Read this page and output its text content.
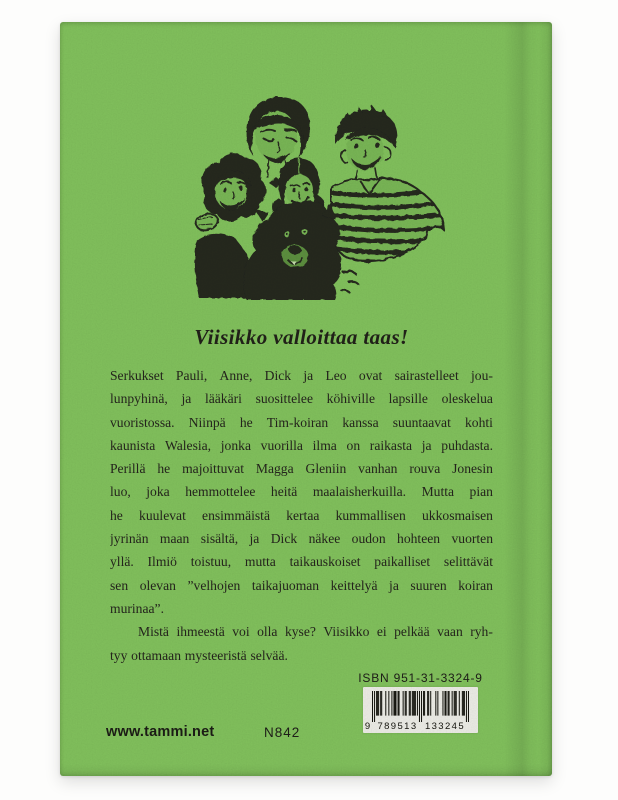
Viisikko valloittaa taas!
Serkukset Pauli, Anne, Dick ja Leo ovat sairastelleet jou-
lunpyhinä, ja lääkäri suosittelee köhiville lapsille oleskelua
vuoristossa. Niinpä he Tim-koiran kanssa suuntaavat kohti
kaunista Walesia, jonka vuorilla ilma on raikasta ja puhdasta.
Perillä he majoittuvat Magga Gleniin vanhan rouva Jonesin
luo, joka hemmottelee heitä maalaisherkuilla. Mutta pian
he kuulevat ensimmäistä kertaa kummallisen ukkosmaisen
jyrinän maan sisältä, ja Dick näkee oudon hohteen vuorten
yllä. Ilmiö toistuu, mutta taikauskoiset paikalliset selittävät
sen olevan ”velhojen taikajuoman keittelyä ja suuren koiran
murinaa”.
Mistä ihmeestä voi olla kyse? Viisikko ei pelkää vaan ryh-
tyy ottamaan mysteeristä selvää.
ISBN 951-31-3324-9
9 789513 133245
www.tammi.net	N842
